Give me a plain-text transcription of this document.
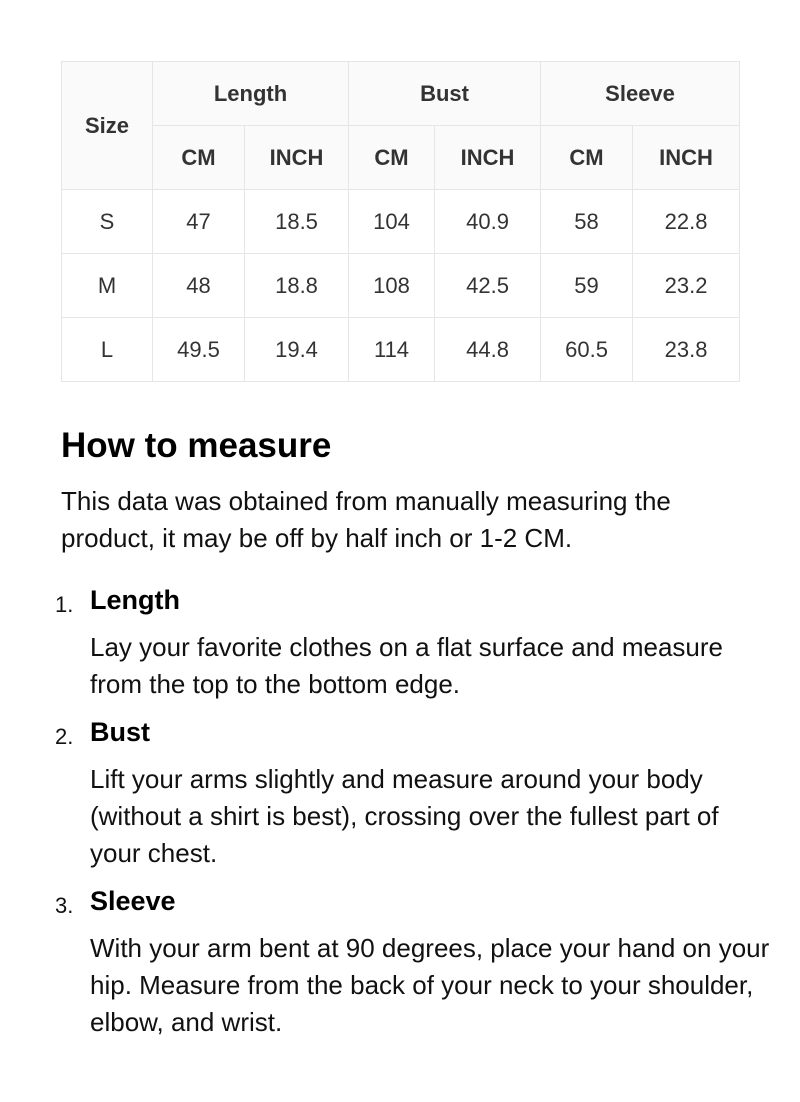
Size	Length		Bust		Sleeve	
	CM	INCH	CM	INCH	CM	INCH
S	47	18.5	104	40.9	58	22.8
M	48	18.8	108	42.5	59	23.2
L	49.5	19.4	114	44.8	60.5	23.8
How to measure

This data was obtained from manually measuring the product, it may be off by half inch or 1-2 CM.

1. Length

Lay your favorite clothes on a flat surface and measure from the top to the bottom edge.

2. Bust

Lift your arms slightly and measure around your body (without a shirt is best), crossing over the fullest part of your chest.

3. Sleeve

With your arm bent at 90 degrees, place your hand on your hip. Measure from the back of your neck to your shoulder, elbow, and wrist.
